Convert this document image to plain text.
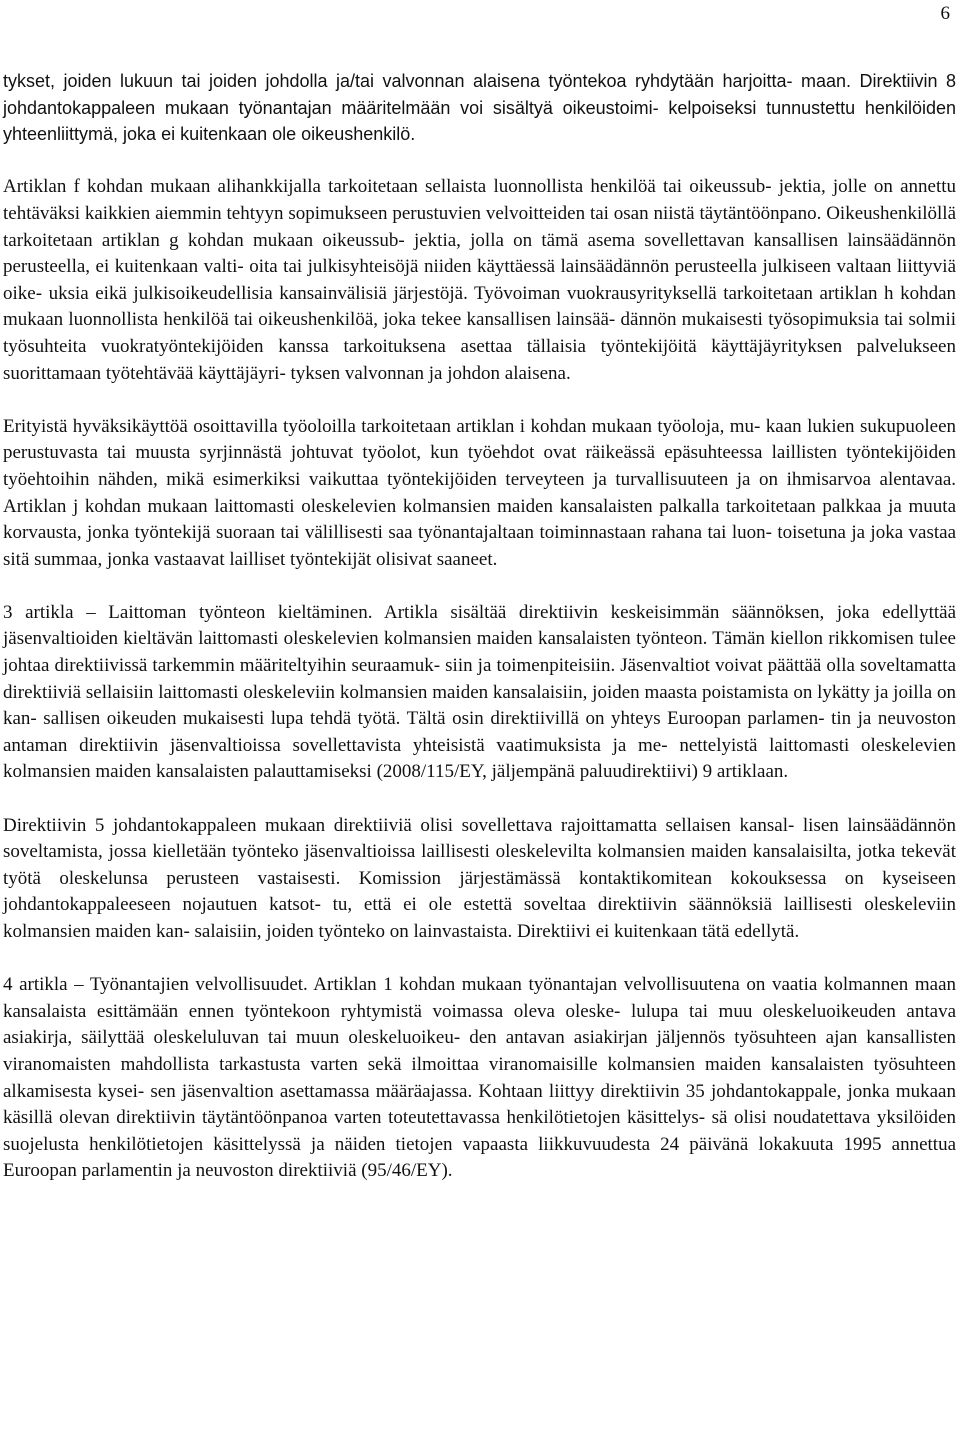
6

tykset, joiden lukuun tai joiden johdolla ja/tai valvonnan alaisena työntekoa ryhdytään harjoitta- maan. Direktiivin 8 johdantokappaleen mukaan työnantajan määritelmään voi sisältyä oikeustoimi- kelpoiseksi tunnustettu henkilöiden yhteenliittymä, joka ei kuitenkaan ole oikeushenkilö.

Artiklan f kohdan mukaan alihankkijalla tarkoitetaan sellaista luonnollista henkilöä tai oikeussub- jektia, jolle on annettu tehtäväksi kaikkien aiemmin tehtyyn sopimukseen perustuvien velvoitteiden tai osan niistä täytäntöönpano. Oikeushenkilöllä tarkoitetaan artiklan g kohdan mukaan oikeussub- jektia, jolla on tämä asema sovellettavan kansallisen lainsäädännön perusteella, ei kuitenkaan valti- oita tai julkisyhteisöjä niiden käyttäessä lainsäädännön perusteella julkiseen valtaan liittyviä oike- uksia eikä julkisoikeudellisia kansainvälisiä järjestöjä. Työvoiman vuokrausyrityksellä tarkoitetaan artiklan h kohdan mukaan luonnollista henkilöä tai oikeushenkilöä, joka tekee kansallisen lainsää- dännön mukaisesti työsopimuksia tai solmii työsuhteita vuokratyöntekijöiden kanssa tarkoituksena asettaa tällaisia työntekijöitä käyttäjäyrityksen palvelukseen suorittamaan työtehtävää käyttäjäyri- tyksen valvonnan ja johdon alaisena.

Erityistä hyväksikäyttöä osoittavilla työoloilla tarkoitetaan artiklan i kohdan mukaan työoloja, mu- kaan lukien sukupuoleen perustuvasta tai muusta syrjinnästä johtuvat työolot, kun työehdot ovat räikeässä epäsuhteessa laillisten työntekijöiden työehtoihin nähden, mikä esimerkiksi vaikuttaa työntekijöiden terveyteen ja turvallisuuteen ja on ihmisarvoa alentavaa. Artiklan j kohdan mukaan laittomasti oleskelevien kolmansien maiden kansalaisten palkalla tarkoitetaan palkkaa ja muuta korvausta, jonka työntekijä suoraan tai välillisesti saa työnantajaltaan toiminnastaan rahana tai luon- toisetuna ja joka vastaa sitä summaa, jonka vastaavat lailliset työntekijät olisivat saaneet.

3 artikla – Laittoman työnteon kieltäminen. Artikla sisältää direktiivin keskeisimmän säännöksen, joka edellyttää jäsenvaltioiden kieltävän laittomasti oleskelevien kolmansien maiden kansalaisten työnteon. Tämän kiellon rikkomisen tulee johtaa direktiivissä tarkemmin määriteltyihin seuraamuk- siin ja toimenpiteisiin. Jäsenvaltiot voivat päättää olla soveltamatta direktiiviä sellaisiin laittomasti oleskeleviin kolmansien maiden kansalaisiin, joiden maasta poistamista on lykätty ja joilla on kan- sallisen oikeuden mukaisesti lupa tehdä työtä. Tältä osin direktiivillä on yhteys Euroopan parlamen- tin ja neuvoston antaman direktiivin jäsenvaltioissa sovellettavista yhteisistä vaatimuksista ja me- nettelyistä laittomasti oleskelevien kolmansien maiden kansalaisten palauttamiseksi (2008/115/EY, jäljempänä paluudirektiivi) 9 artiklaan.

Direktiivin 5 johdantokappaleen mukaan direktiiviä olisi sovellettava rajoittamatta sellaisen kansal- lisen lainsäädännön soveltamista, jossa kielletään työnteko jäsenvaltioissa laillisesti oleskelevilta kolmansien maiden kansalaisilta, jotka tekevät työtä oleskelunsa perusteen vastaisesti. Komission järjestämässä kontaktikomitean kokouksessa on kyseiseen johdantokappaleeseen nojautuen katsot- tu, että ei ole estettä soveltaa direktiivin säännöksiä laillisesti oleskeleviin kolmansien maiden kan- salaisiin, joiden työnteko on lainvastaista. Direktiivi ei kuitenkaan tätä edellytä.

4 artikla – Työnantajien velvollisuudet. Artiklan 1 kohdan mukaan työnantajan velvollisuutena on vaatia kolmannen maan kansalaista esittämään ennen työntekoon ryhtymistä voimassa oleva oleske- lulupa tai muu oleskeluoikeuden antava asiakirja, säilyttää oleskeluluvan tai muun oleskeluoikeu- den antavan asiakirjan jäljennös työsuhteen ajan kansallisten viranomaisten mahdollista tarkastusta varten sekä ilmoittaa viranomaisille kolmansien maiden kansalaisten työsuhteen alkamisesta kysei- sen jäsenvaltion asettamassa määräajassa. Kohtaan liittyy direktiivin 35 johdantokappale, jonka mukaan käsillä olevan direktiivin täytäntöönpanoa varten toteutettavassa henkilötietojen käsittelys- sä olisi noudatettava yksilöiden suojelusta henkilötietojen käsittelyssä ja näiden tietojen vapaasta liikkuvuudesta 24 päivänä lokakuuta 1995 annettua Euroopan parlamentin ja neuvoston direktiiviä (95/46/EY).
